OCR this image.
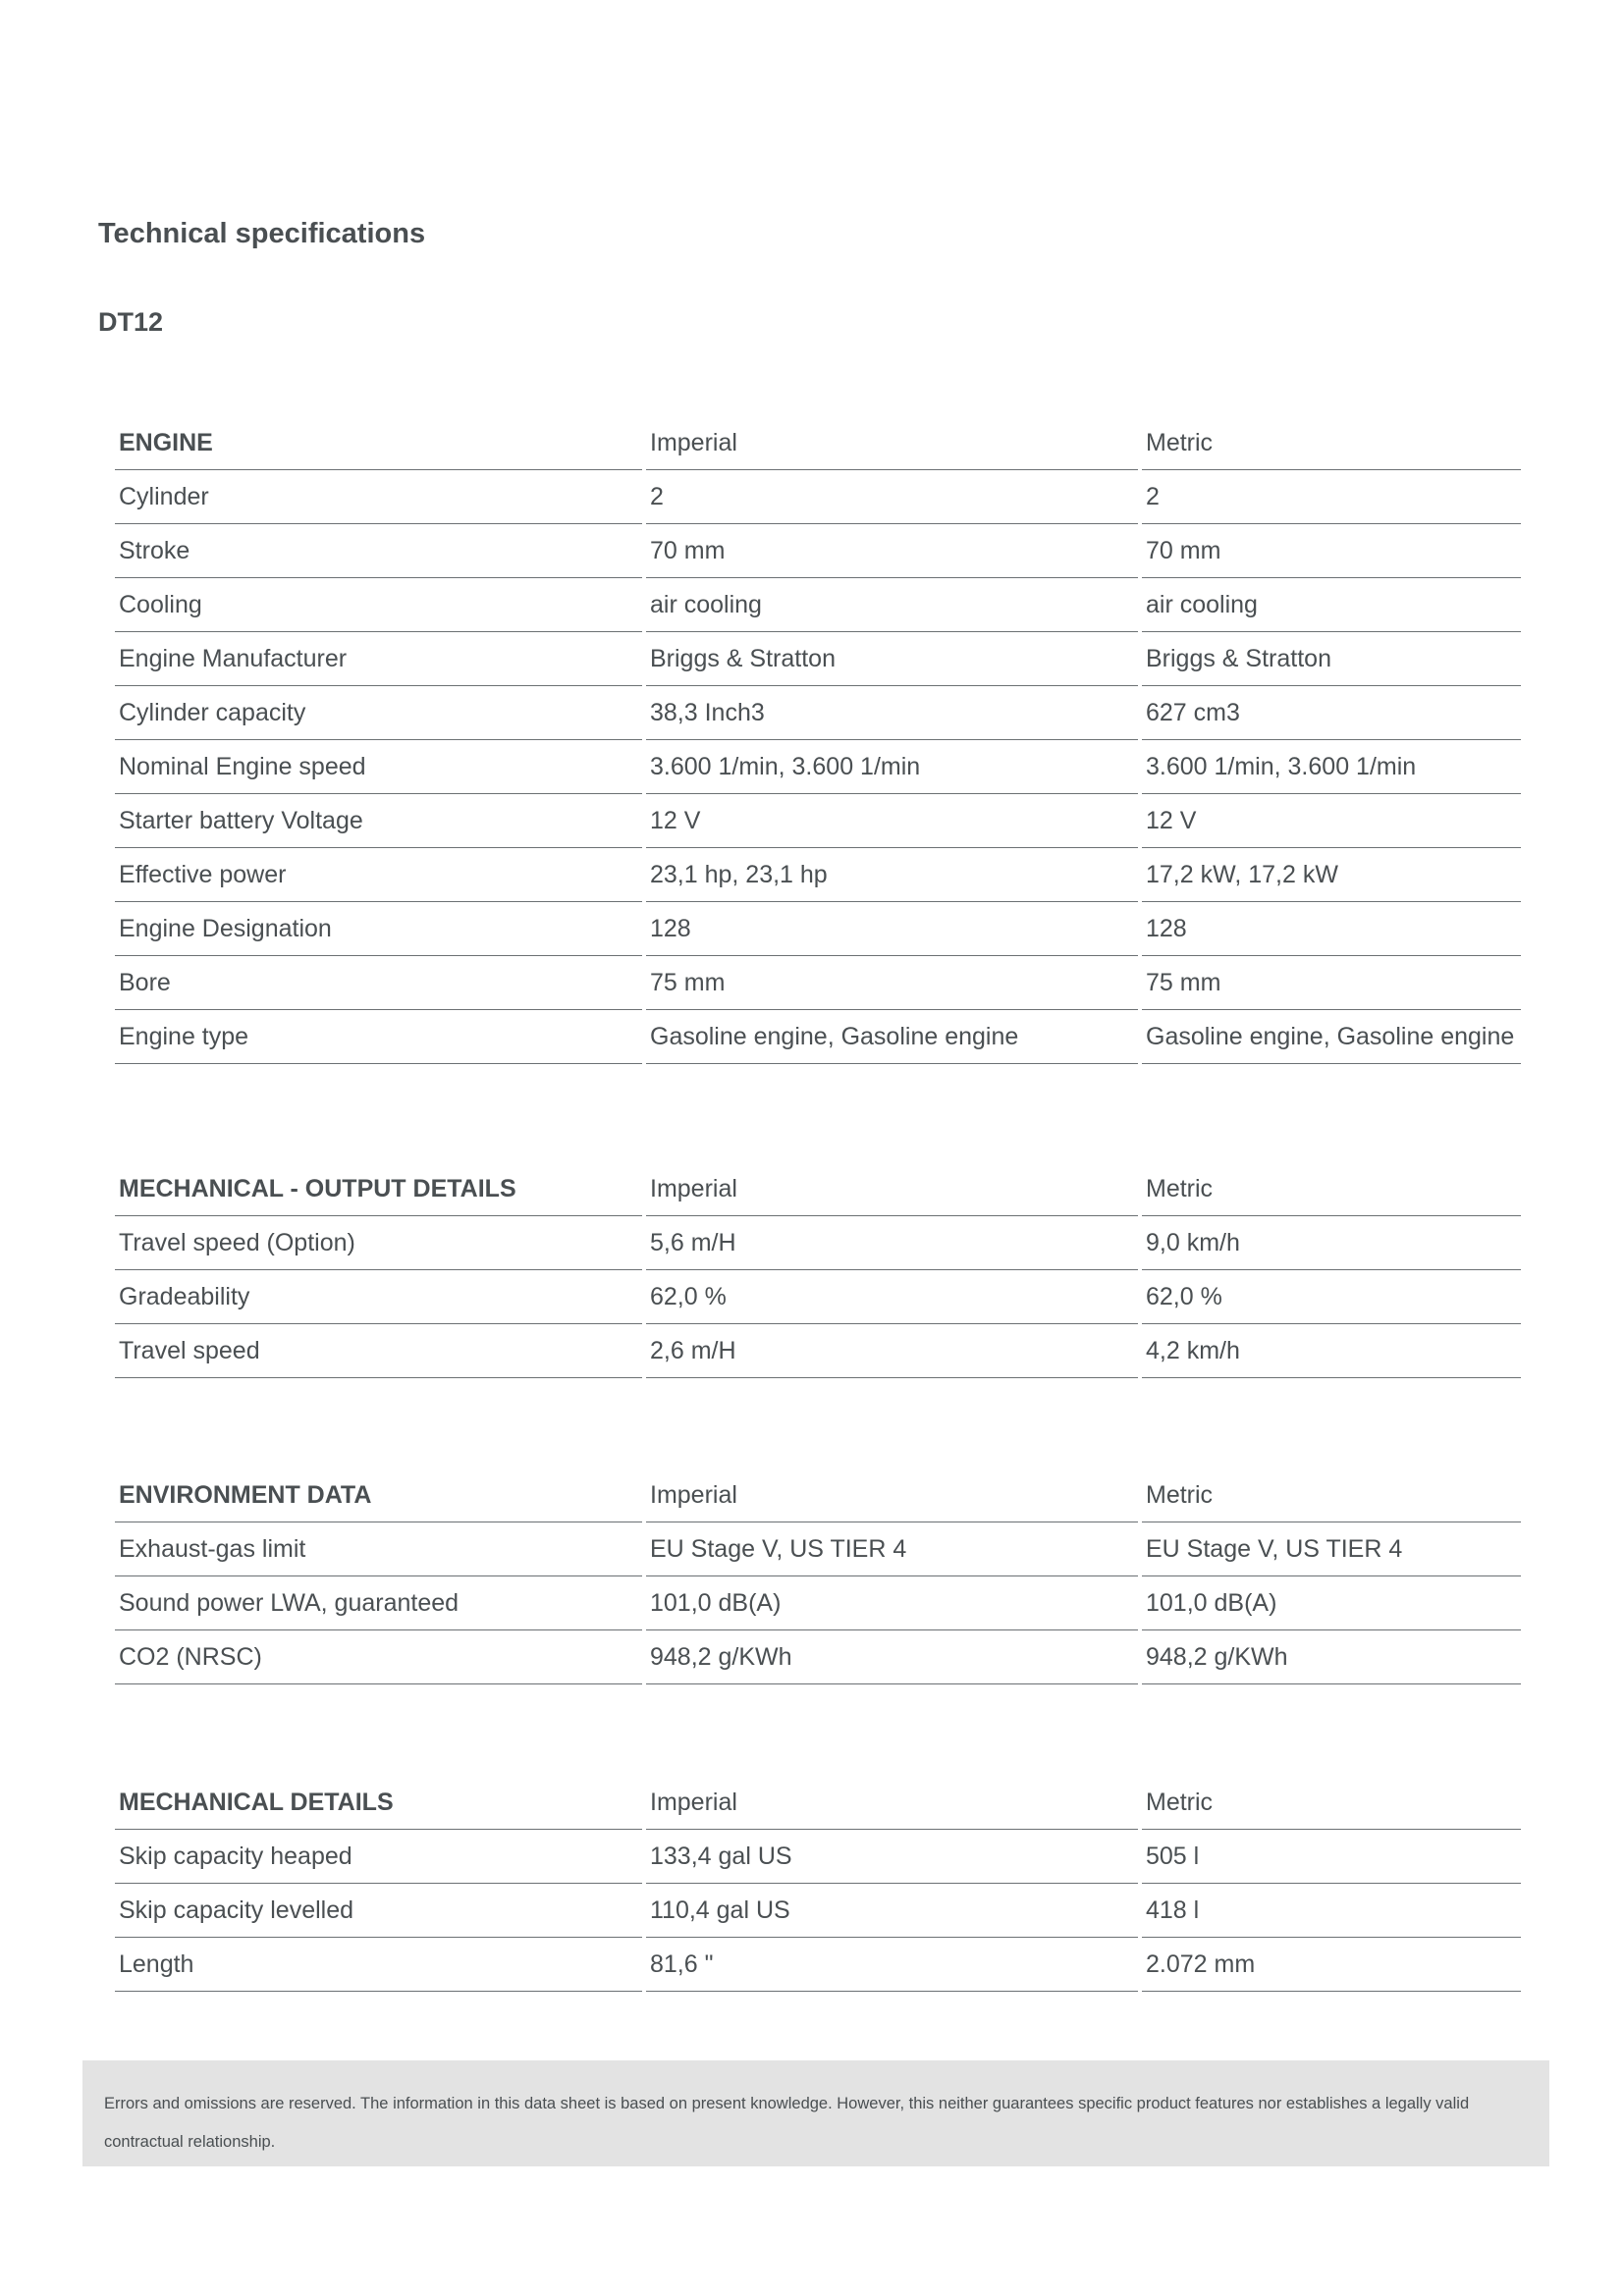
Technical specifications
DT12
ENGINE	Imperial	Metric
Cylinder	2	2
Stroke	70 mm	70 mm
Cooling	air cooling	air cooling
Engine Manufacturer	Briggs & Stratton	Briggs & Stratton
Cylinder capacity	38,3 Inch3	627 cm3
Nominal Engine speed	3.600 1/min, 3.600 1/min	3.600 1/min, 3.600 1/min
Starter battery Voltage	12 V	12 V
Effective power	23,1 hp, 23,1 hp	17,2 kW, 17,2 kW
Engine Designation	128	128
Bore	75 mm	75 mm
Engine type	Gasoline engine, Gasoline engine	Gasoline engine, Gasoline engine
MECHANICAL - OUTPUT DETAILS	Imperial	Metric
Travel speed (Option)	5,6 m/H	9,0 km/h
Gradeability	62,0 %	62,0 %
Travel speed	2,6 m/H	4,2 km/h
ENVIRONMENT DATA	Imperial	Metric
Exhaust-gas limit	EU Stage V, US TIER 4	EU Stage V, US TIER 4
Sound power LWA, guaranteed	101,0 dB(A)	101,0 dB(A)
CO2 (NRSC)	948,2 g/KWh	948,2 g/KWh
MECHANICAL DETAILS	Imperial	Metric
Skip capacity heaped	133,4 gal US	505 l
Skip capacity levelled	110,4 gal US	418 l
Length	81,6 "	2.072 mm
Errors and omissions are reserved. The information in this data sheet is based on present knowledge. However, this neither guarantees specific product features nor establishes a legally valid contractual relationship.
